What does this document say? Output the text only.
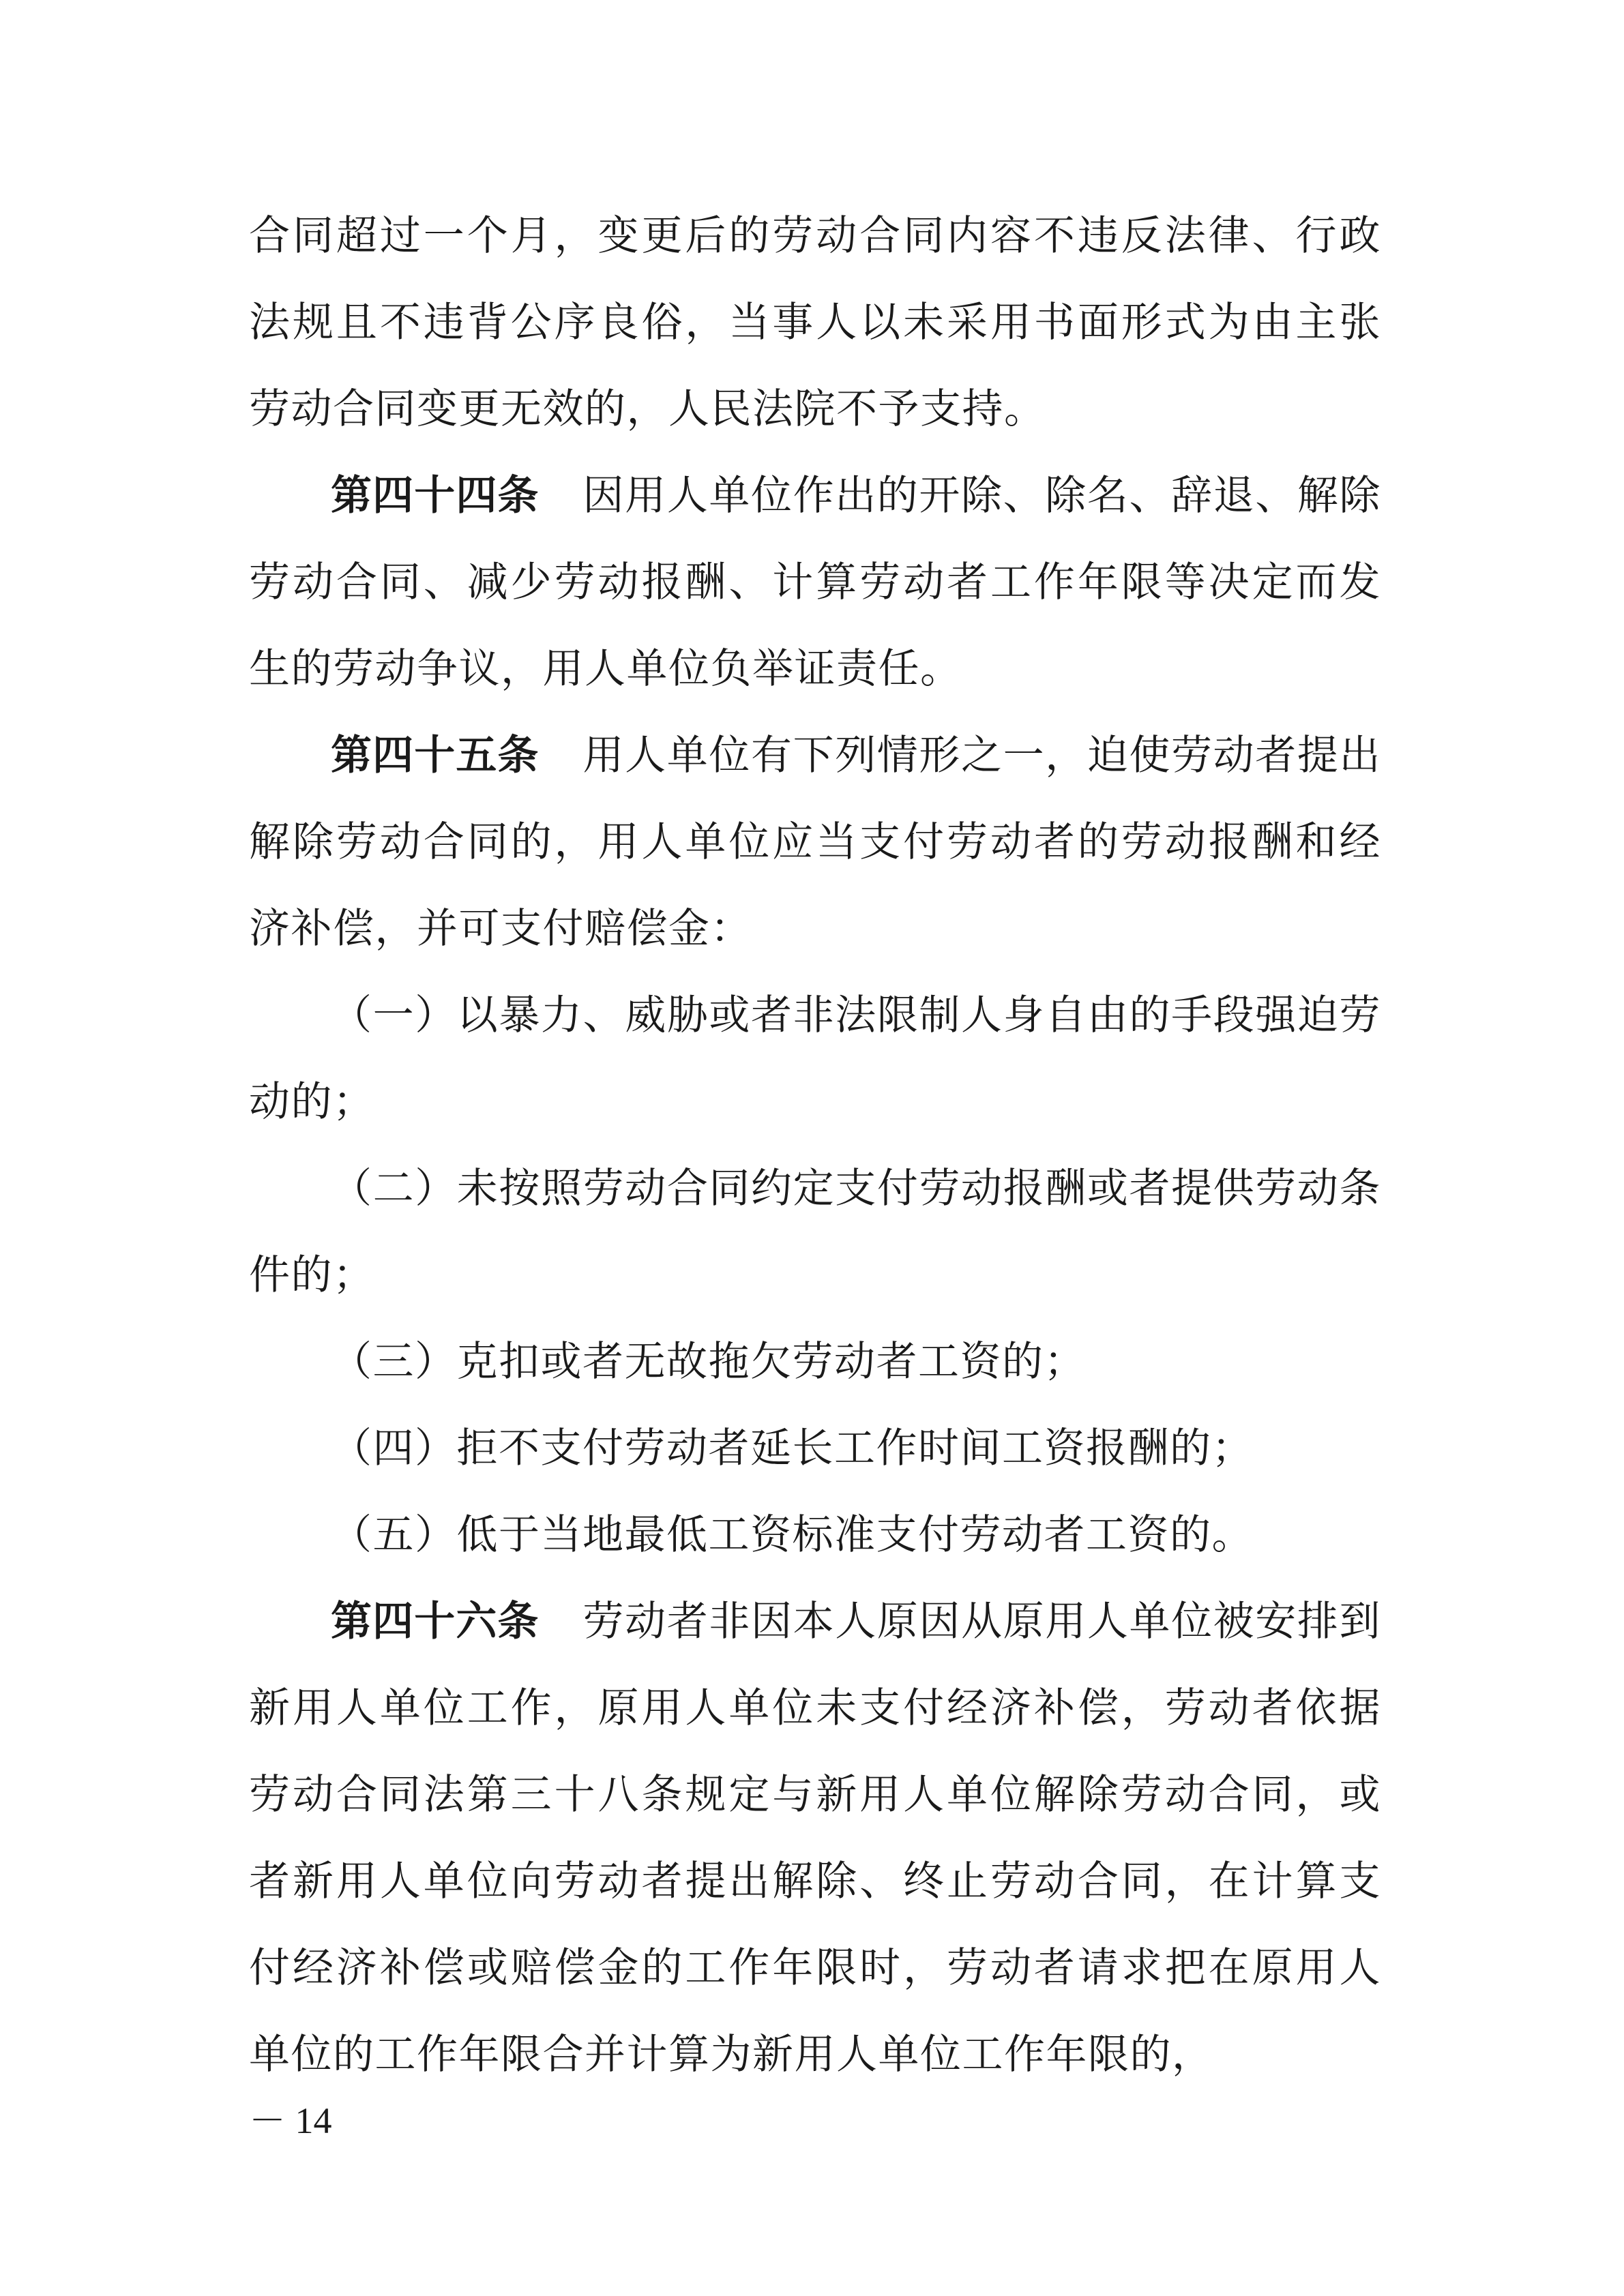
合同超过一个月，变更后的劳动合同内容不违反法律、行政法规且不违背公序良俗，当事人以未采用书面形式为由主张劳动合同变更无效的，人民法院不予支持。

第四十四条 因用人单位作出的开除、除名、辞退、解除劳动合同、减少劳动报酬、计算劳动者工作年限等决定而发生的劳动争议，用人单位负举证责任。

第四十五条 用人单位有下列情形之一，迫使劳动者提出解除劳动合同的，用人单位应当支付劳动者的劳动报酬和经济补偿，并可支付赔偿金：

（一）以暴力、威胁或者非法限制人身自由的手段强迫劳动的；

（二）未按照劳动合同约定支付劳动报酬或者提供劳动条件的；

（三）克扣或者无故拖欠劳动者工资的；

（四）拒不支付劳动者延长工作时间工资报酬的；

（五）低于当地最低工资标准支付劳动者工资的。

第四十六条 劳动者非因本人原因从原用人单位被安排到新用人单位工作，原用人单位未支付经济补偿，劳动者依据劳动合同法第三十八条规定与新用人单位解除劳动合同，或者新用人单位向劳动者提出解除、终止劳动合同，在计算支付经济补偿或赔偿金的工作年限时，劳动者请求把在原用人单位的工作年限合并计算为新用人单位工作年限的，

－ 14
